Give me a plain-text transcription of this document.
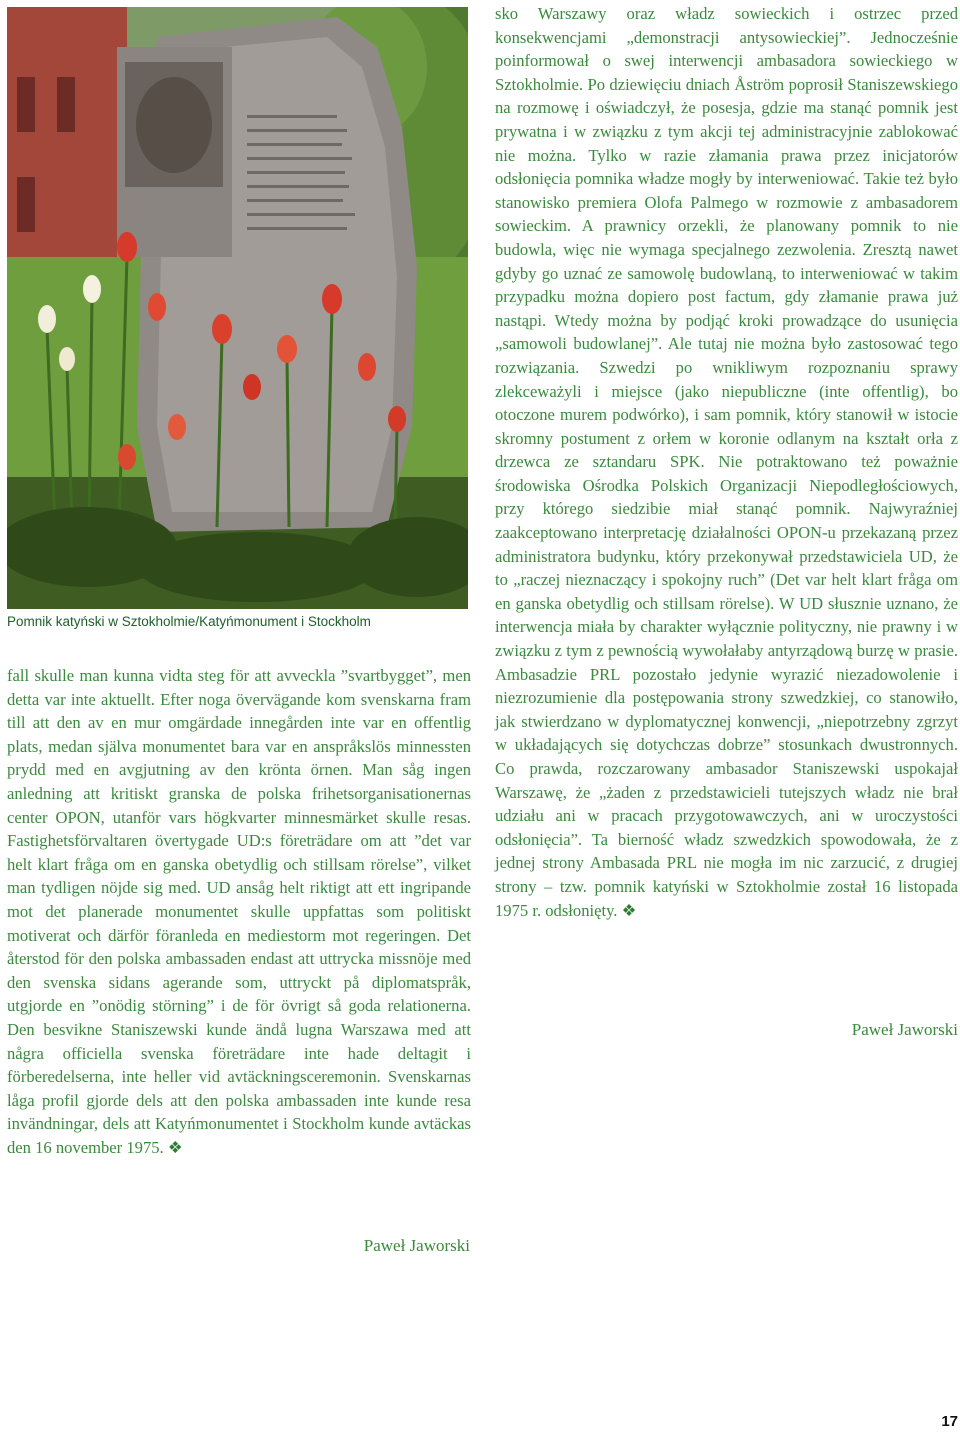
Pomnik katyński w Sztokholmie/Katyńmonument i Stockholm

fall skulle man kunna vidta steg för att avveckla ”svartbygget”, men detta var inte aktuellt. Efter noga övervägande kom svenskarna fram till att den av en mur omgärdade innegården inte var en offentlig plats, medan själva monumentet bara var en anspråkslös minnessten prydd med en avgjutning av den krönta örnen. Man såg ingen anledning att kritiskt granska de polska frihetsorganisationernas center OPON, utanför vars högkvarter minnesmärket skulle resas. Fastighetsförvaltaren övertygade UD:s företrädare om att ”det var helt klart fråga om en ganska obetydlig och stillsam rörelse”, vilket man tydligen nöjde sig med. UD ansåg helt riktigt att ett ingripande mot det planerade monumentet skulle uppfattas som politiskt motiverat och därför föranleda en mediestorm mot regeringen. Det återstod för den polska ambassaden endast att uttrycka missnöje med den svenska sidans agerande som, uttryckt på diplomatspråk, utgjorde en ”onödig störning” i de för övrigt så goda relationerna. Den besvikne Staniszewski kunde ändå lugna Warszawa med att några officiella svenska företrädare inte hade deltagit i förberedelserna, inte heller vid avtäckningsceremonin. Svenskarnas låga profil gjorde dels att den polska ambassaden inte kunde resa invändningar, dels att Katyńmonumentet i Stockholm kunde avtäckas den 16 november 1975. ❖

Paweł Jaworski

sko Warszawy oraz władz sowieckich i ostrzec przed konsekwencjami „demonstracji antysowieckiej”. Jednocześnie poinformował o swej interwencji ambasadora sowieckiego w Sztokholmie. Po dziewięciu dniach Åström poprosił Staniszewskiego na rozmowę i oświadczył, że posesja, gdzie ma stanąć pomnik jest prywatna i w związku z tym akcji tej administracyjnie zablokować nie można. Tylko w razie złamania prawa przez inicjatorów odsłonięcia pomnika władze mogły by interweniować. Takie też było stanowisko premiera Olofa Palmego w rozmowie z ambasadorem sowieckim. A prawnicy orzekli, że planowany pomnik to nie budowla, więc nie wymaga specjalnego zezwolenia. Zresztą nawet gdyby go uznać ze samowolę budowlaną, to interweniować w takim przypadku można dopiero post factum, gdy złamanie prawa już nastąpi. Wtedy można by podjąć kroki prowadzące do usunięcia „samowoli budowlanej”. Ale tutaj nie można było zastosować tego rozwiązania. Szwedzi po wnikliwym rozpoznaniu sprawy zlekceważyli i miejsce (jako niepubliczne (inte offentlig), bo otoczone murem podwórko), i sam pomnik, który stanowił w istocie skromny postument z orłem w koronie odlanym na kształt orła z drzewca ze sztandaru SPK. Nie potraktowano też poważnie środowiska Ośrodka Polskich Organizacji Niepodległościowych, przy którego siedzibie miał stanąć pomnik. Najwyraźniej zaakceptowano interpretację działalności OPON-u przekazaną przez administratora budynku, który przekonywał przedstawiciela UD, że to „raczej nieznaczący i spokojny ruch” (Det var helt klart fråga om en ganska obetydlig och stillsam rörelse). W UD słusznie uznano, że interwencja miała by charakter wyłącznie polityczny, nie prawny i w związku z tym z pewnością wywołałaby antyrządową burzę w prasie. Ambasadzie PRL pozostało jedynie wyrazić niezadowolenie i niezrozumienie dla postępowania strony szwedzkiej, co stanowiło, jak stwierdzano w dyplomatycznej konwencji, „niepotrzebny zgrzyt w układających się dotychczas dobrze” stosunkach dwustronnych. Co prawda, rozczarowany ambasador Staniszewski uspokajał Warszawę, że „żaden z przedstawicieli tutejszych władz nie brał udziału ani w pracach przygotowawczych, ani w uroczystości odsłonięcia”. Ta bierność władz szwedzkich spowodowała, że z jednej strony Ambasada PRL nie mogła im nic zarzucić, z drugiej strony – tzw. pomnik katyński w Sztokholmie został 16 listopada 1975 r. odsłonięty. ❖

Paweł Jaworski
17
